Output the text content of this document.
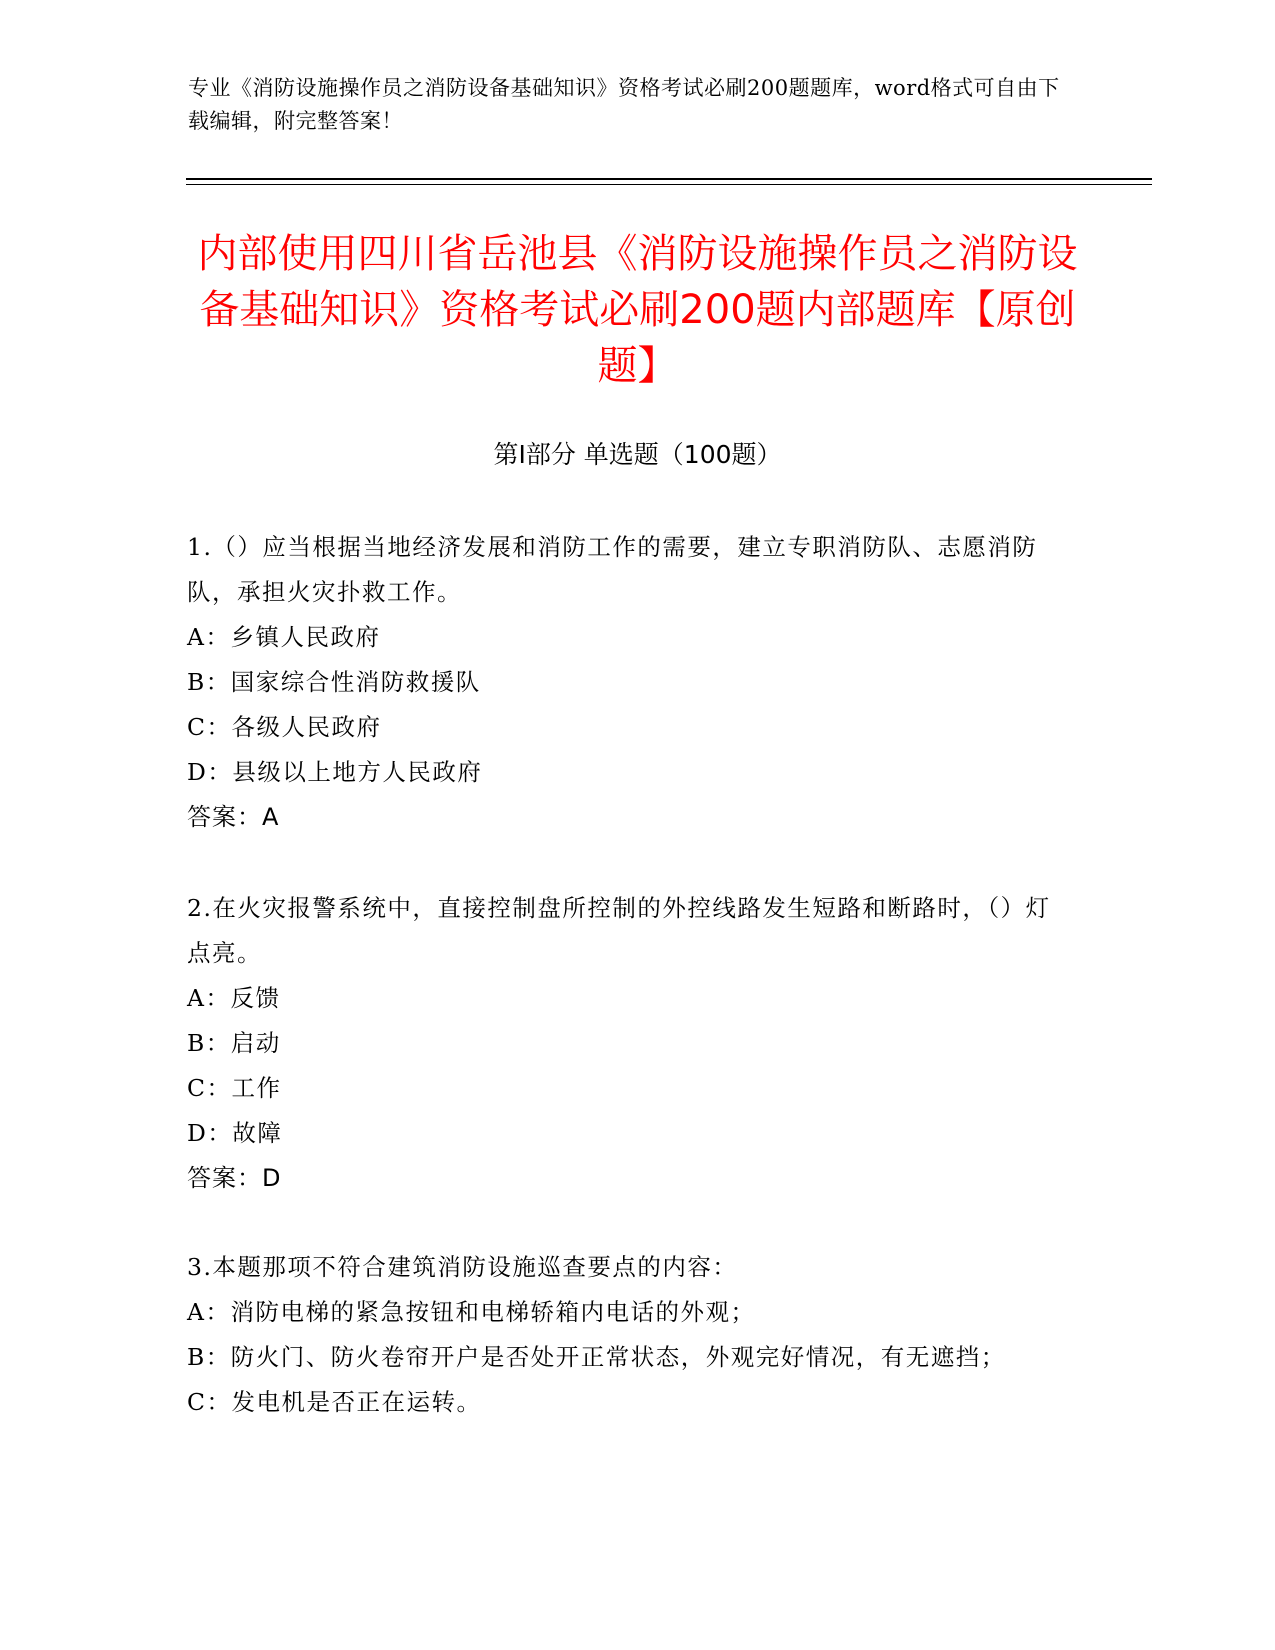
专业《消防设施操作员之消防设备基础知识》资格考试必刷200题题库，word格式可自由下载编辑，附完整答案！
内部使用四川省岳池县《消防设施操作员之消防设备基础知识》资格考试必刷200题内部题库【原创题】
第I部分 单选题（100题）
1.（）应当根据当地经济发展和消防工作的需要，建立专职消防队、志愿消防队，承担火灾扑救工作。
A：乡镇人民政府
B：国家综合性消防救援队
C：各级人民政府
D：县级以上地方人民政府
答案：A
2.在火灾报警系统中，直接控制盘所控制的外控线路发生短路和断路时，（）灯点亮。
A：反馈
B：启动
C：工作
D：故障
答案：D
3.本题那项不符合建筑消防设施巡查要点的内容：
A：消防电梯的紧急按钮和电梯轿箱内电话的外观；
B：防火门、防火卷帘开户是否处开正常状态，外观完好情况，有无遮挡；
C：发电机是否正在运转。
